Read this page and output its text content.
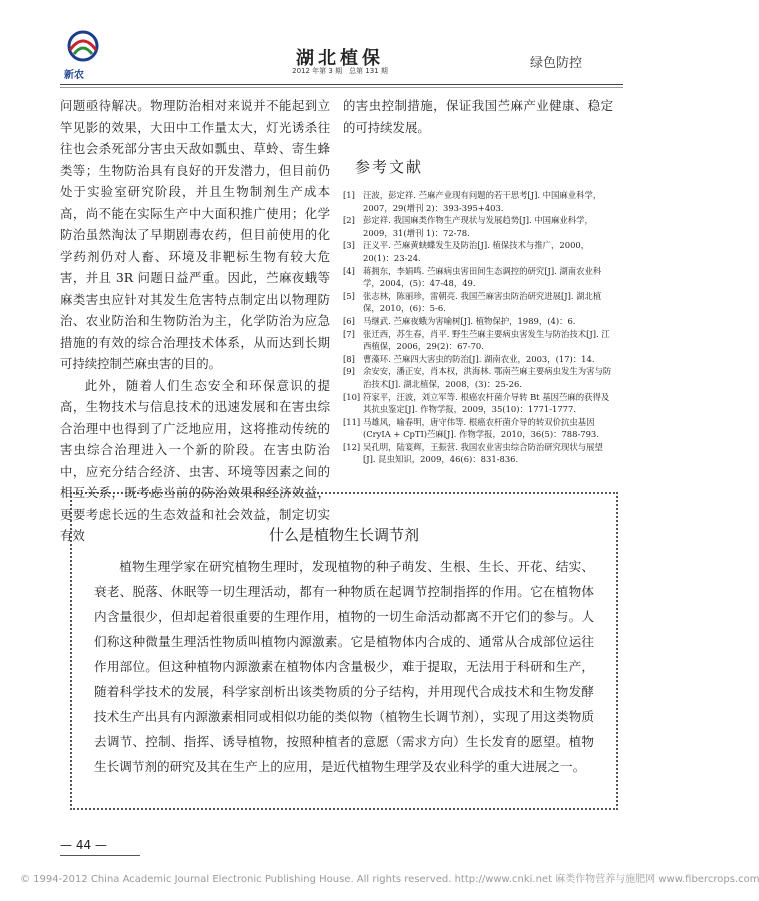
新农
湖北植保
2012 年第 3 期　总第 131 期	绿色防控

问题亟待解决。物理防治相对来说并不能起到立竿见影的效果，大田中工作量太大，灯光诱杀往往也会杀死部分害虫天敌如瓢虫、草蛉、寄生蜂类等；生物防治具有良好的开发潜力，但目前仍处于实验室研究阶段，并且生物制剂生产成本高，尚不能在实际生产中大面积推广使用；化学防治虽然淘汰了早期剧毒农药，但目前使用的化学药剂仍对人畜、环境及非靶标生物有较大危害，并且 3R 问题日益严重。因此，苎麻夜蛾等麻类害虫应针对其发生危害特点制定出以物理防治、农业防治和生物防治为主，化学防治为应急措施的有效的综合治理技术体系，从而达到长期可持续控制苎麻虫害的目的。

此外，随着人们生态安全和环保意识的提高，生物技术与信息技术的迅速发展和在害虫综合治理中也得到了广泛地应用，这将推动传统的害虫综合治理进入一个新的阶段。在害虫防治中，应充分结合经济、虫害、环境等因素之间的相互关系，既考虑当前的防治效果和经济效益，更要考虑长远的生态效益和社会效益，制定切实有效

的害虫控制措施，保证我国苎麻产业健康、稳定的可持续发展。

参考文献
[1] 汪波，彭定祥. 苎麻产业现有问题的若干思考[J]. 中国麻业科学，2007，29(增刊 2)：393-395+403.
[2] 彭定祥. 我国麻类作物生产现状与发展趋势[J]. 中国麻业科学，2009，31(增刊 1)：72-78.
[3] 汪义平. 苎麻黄蛱蝶发生及防治[J]. 植保技术与推广，2000，20(1)：23-24.
[4] 蒋拥东，李娟鸣. 苎麻病虫害田间生态调控的研究[J]. 湖南农业科学，2004，(5)：47-48，49.
[5] 张志林，陈丽珍，雷朝亮. 我国苎麻害虫防治研究进展[J]. 湖北植保，2010，(6)：5-6.
[6] 马继武. 苎麻夜蛾为害喻树[J]. 植物保护，1989，(4)：6.
[7] 张迁西，苏生春，肖平. 野生苎麻主要病虫害发生与防治技术[J]. 江西植保，2006，29(2)：67-70.
[8] 曹藻环. 苎麻四大害虫的防治[J]. 湖南农业，2003，(17)：14.
[9] 余安安，潘正安，肖本权，洪海林. 鄂南苎麻主要病虫发生为害与防治技术[J]. 湖北植保，2008，(3)：25-26.
[10] 符家平，汪波，刘立军等. 根癌农杆菌介导转 Bt 基因苎麻的获得及其抗虫鉴定[J]. 作物学报，2009，35(10)：1771-1777.
[11] 马雄风，喻春明，唐守伟等. 根癌农杆菌介导的转双价抗虫基因(CryIA + CpTI)苎麻[J]. 作物学报，2010，36(5)：788-793.
[12] 吴孔明，陆宴辉，王振营. 我国农业害虫综合防治研究现状与展望[J]. 昆虫知识，2009，46(6)：831-836.
什么是植物生长调节剂

植物生理学家在研究植物生理时，发现植物的种子萌发、生根、生长、开花、结实、衰老、脱落、休眠等一切生理活动，都有一种物质在起调节控制指挥的作用。它在植物体内含量很少，但却起着很重要的生理作用，植物的一切生命活动都离不开它们的参与。人们称这种微量生理活性物质叫植物内源激素。它是植物体内合成的、通常从合成部位运往作用部位。但这种植物内源激素在植物体内含量极少，难于提取，无法用于科研和生产，随着科学技术的发展，科学家剖析出该类物质的分子结构，并用现代合成技术和生物发酵技术生产出具有内源激素相同或相似功能的类似物（植物生长调节剂），实现了用这类物质去调节、控制、指挥、诱导植物，按照种植者的意愿（需求方向）生长发育的愿望。植物生长调节剂的研究及其在生产上的应用，是近代植物生理学及农业科学的重大进展之一。

— 44 —
© 1994-2012 China Academic Journal Electronic Publishing House. All rights reserved. http://www.cnki.net 麻类作物营养与施肥网 www.fibercrops.com
